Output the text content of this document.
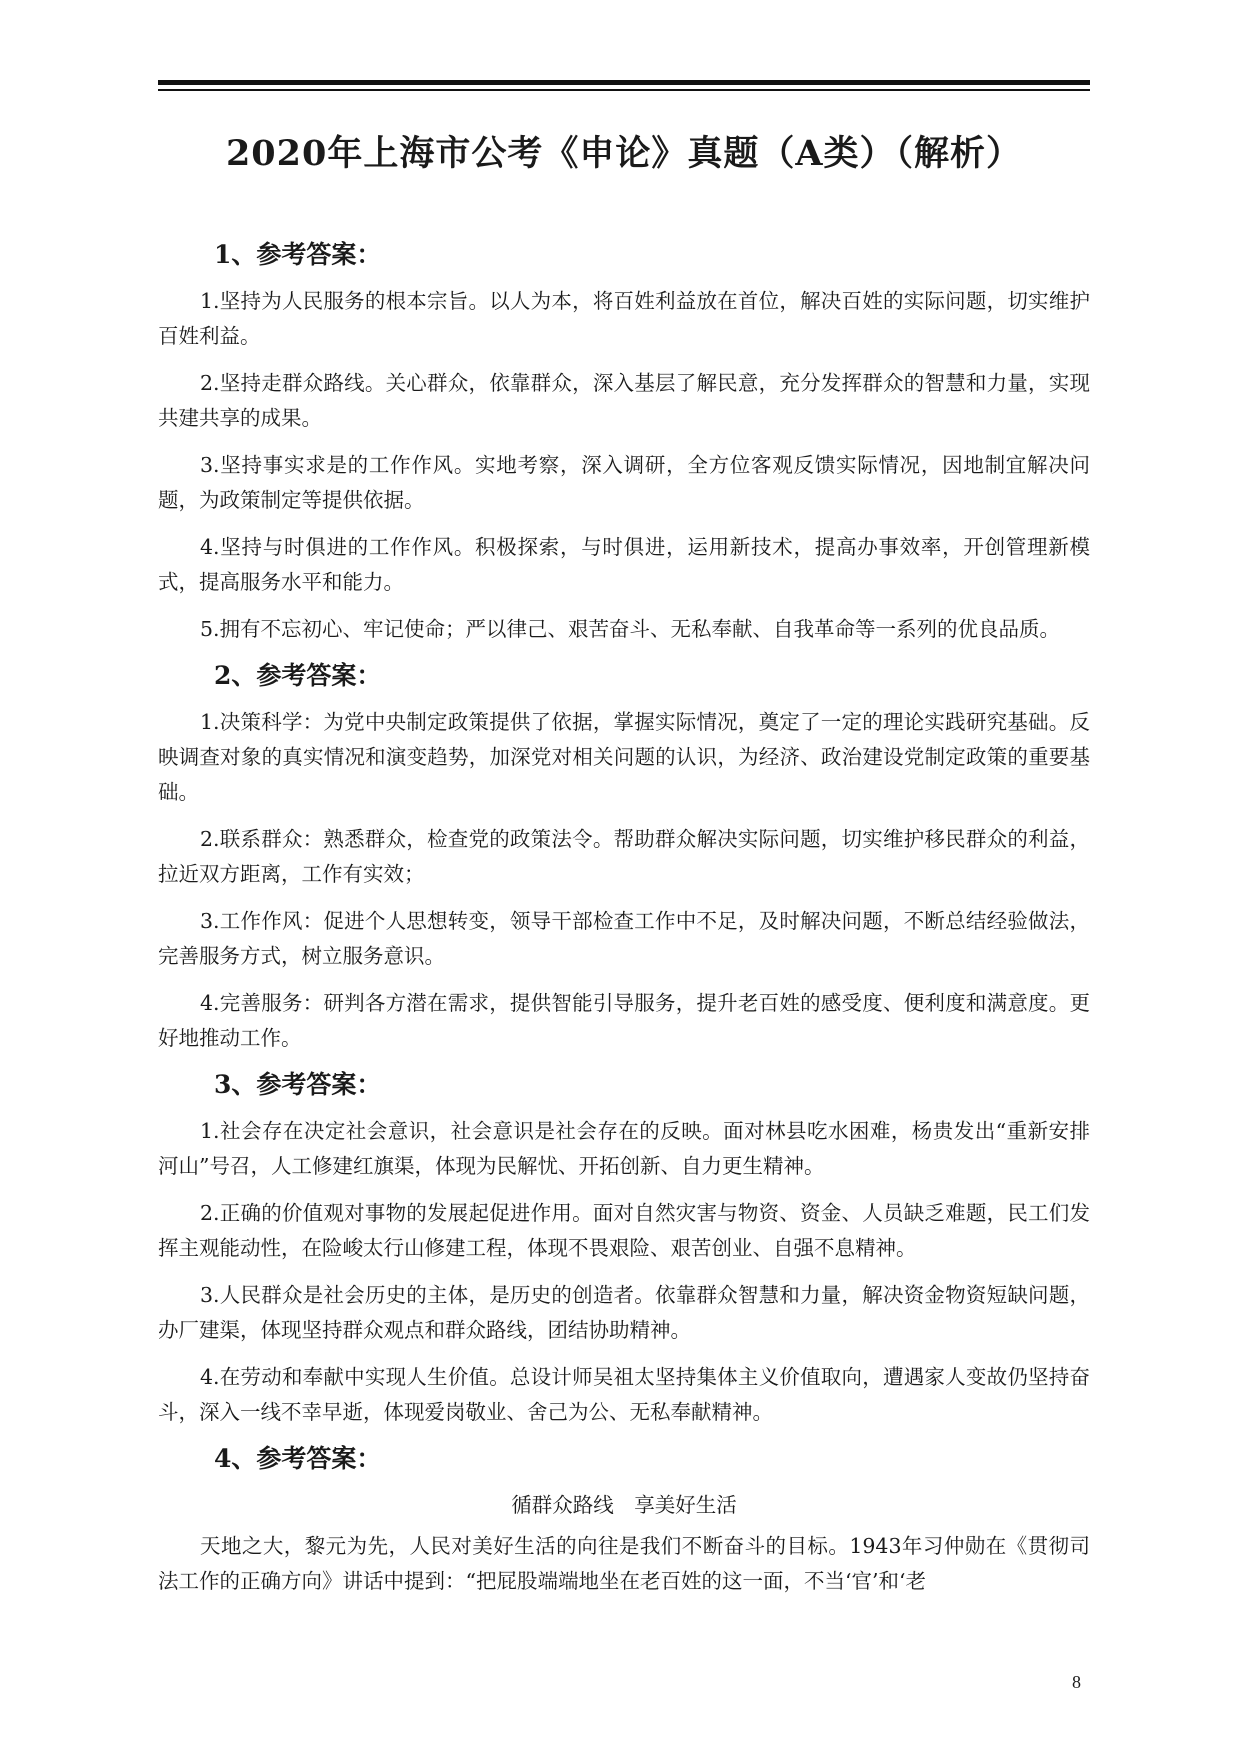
2020年上海市公考《申论》真题（A类）（解析）
1、参考答案：

1.坚持为人民服务的根本宗旨。以人为本，将百姓利益放在首位，解决百姓的实际问题，切实维护百姓利益。

2.坚持走群众路线。关心群众，依靠群众，深入基层了解民意，充分发挥群众的智慧和力量，实现共建共享的成果。

3.坚持事实求是的工作作风。实地考察，深入调研，全方位客观反馈实际情况，因地制宜解决问题，为政策制定等提供依据。

4.坚持与时俱进的工作作风。积极探索，与时俱进，运用新技术，提高办事效率，开创管理新模式，提高服务水平和能力。

5.拥有不忘初心、牢记使命；严以律己、艰苦奋斗、无私奉献、自我革命等一系列的优良品质。

2、参考答案：

1.决策科学：为党中央制定政策提供了依据，掌握实际情况，奠定了一定的理论实践研究基础。反映调查对象的真实情况和演变趋势，加深党对相关问题的认识，为经济、政治建设党制定政策的重要基础。

2.联系群众：熟悉群众，检查党的政策法令。帮助群众解决实际问题，切实维护移民群众的利益，拉近双方距离，工作有实效；

3.工作作风：促进个人思想转变，领导干部检查工作中不足，及时解决问题，不断总结经验做法，完善服务方式，树立服务意识。

4.完善服务：研判各方潜在需求，提供智能引导服务，提升老百姓的感受度、便利度和满意度。更好地推动工作。

3、参考答案：

1.社会存在决定社会意识，社会意识是社会存在的反映。面对林县吃水困难，杨贵发出“重新安排河山”号召，人工修建红旗渠，体现为民解忧、开拓创新、自力更生精神。

2.正确的价值观对事物的发展起促进作用。面对自然灾害与物资、资金、人员缺乏难题，民工们发挥主观能动性，在险峻太行山修建工程，体现不畏艰险、艰苦创业、自强不息精神。

3.人民群众是社会历史的主体，是历史的创造者。依靠群众智慧和力量，解决资金物资短缺问题，办厂建渠，体现坚持群众观点和群众路线，团结协助精神。

4.在劳动和奉献中实现人生价值。总设计师吴祖太坚持集体主义价值取向，遭遇家人变故仍坚持奋斗，深入一线不幸早逝，体现爱岗敬业、舍己为公、无私奉献精神。

4、参考答案：
循群众路线　享美好生活

天地之大，黎元为先，人民对美好生活的向往是我们不断奋斗的目标。1943年习仲勋在《贯彻司法工作的正确方向》讲话中提到：“把屁股端端地坐在老百姓的这一面，不当‘官’和‘老

8
